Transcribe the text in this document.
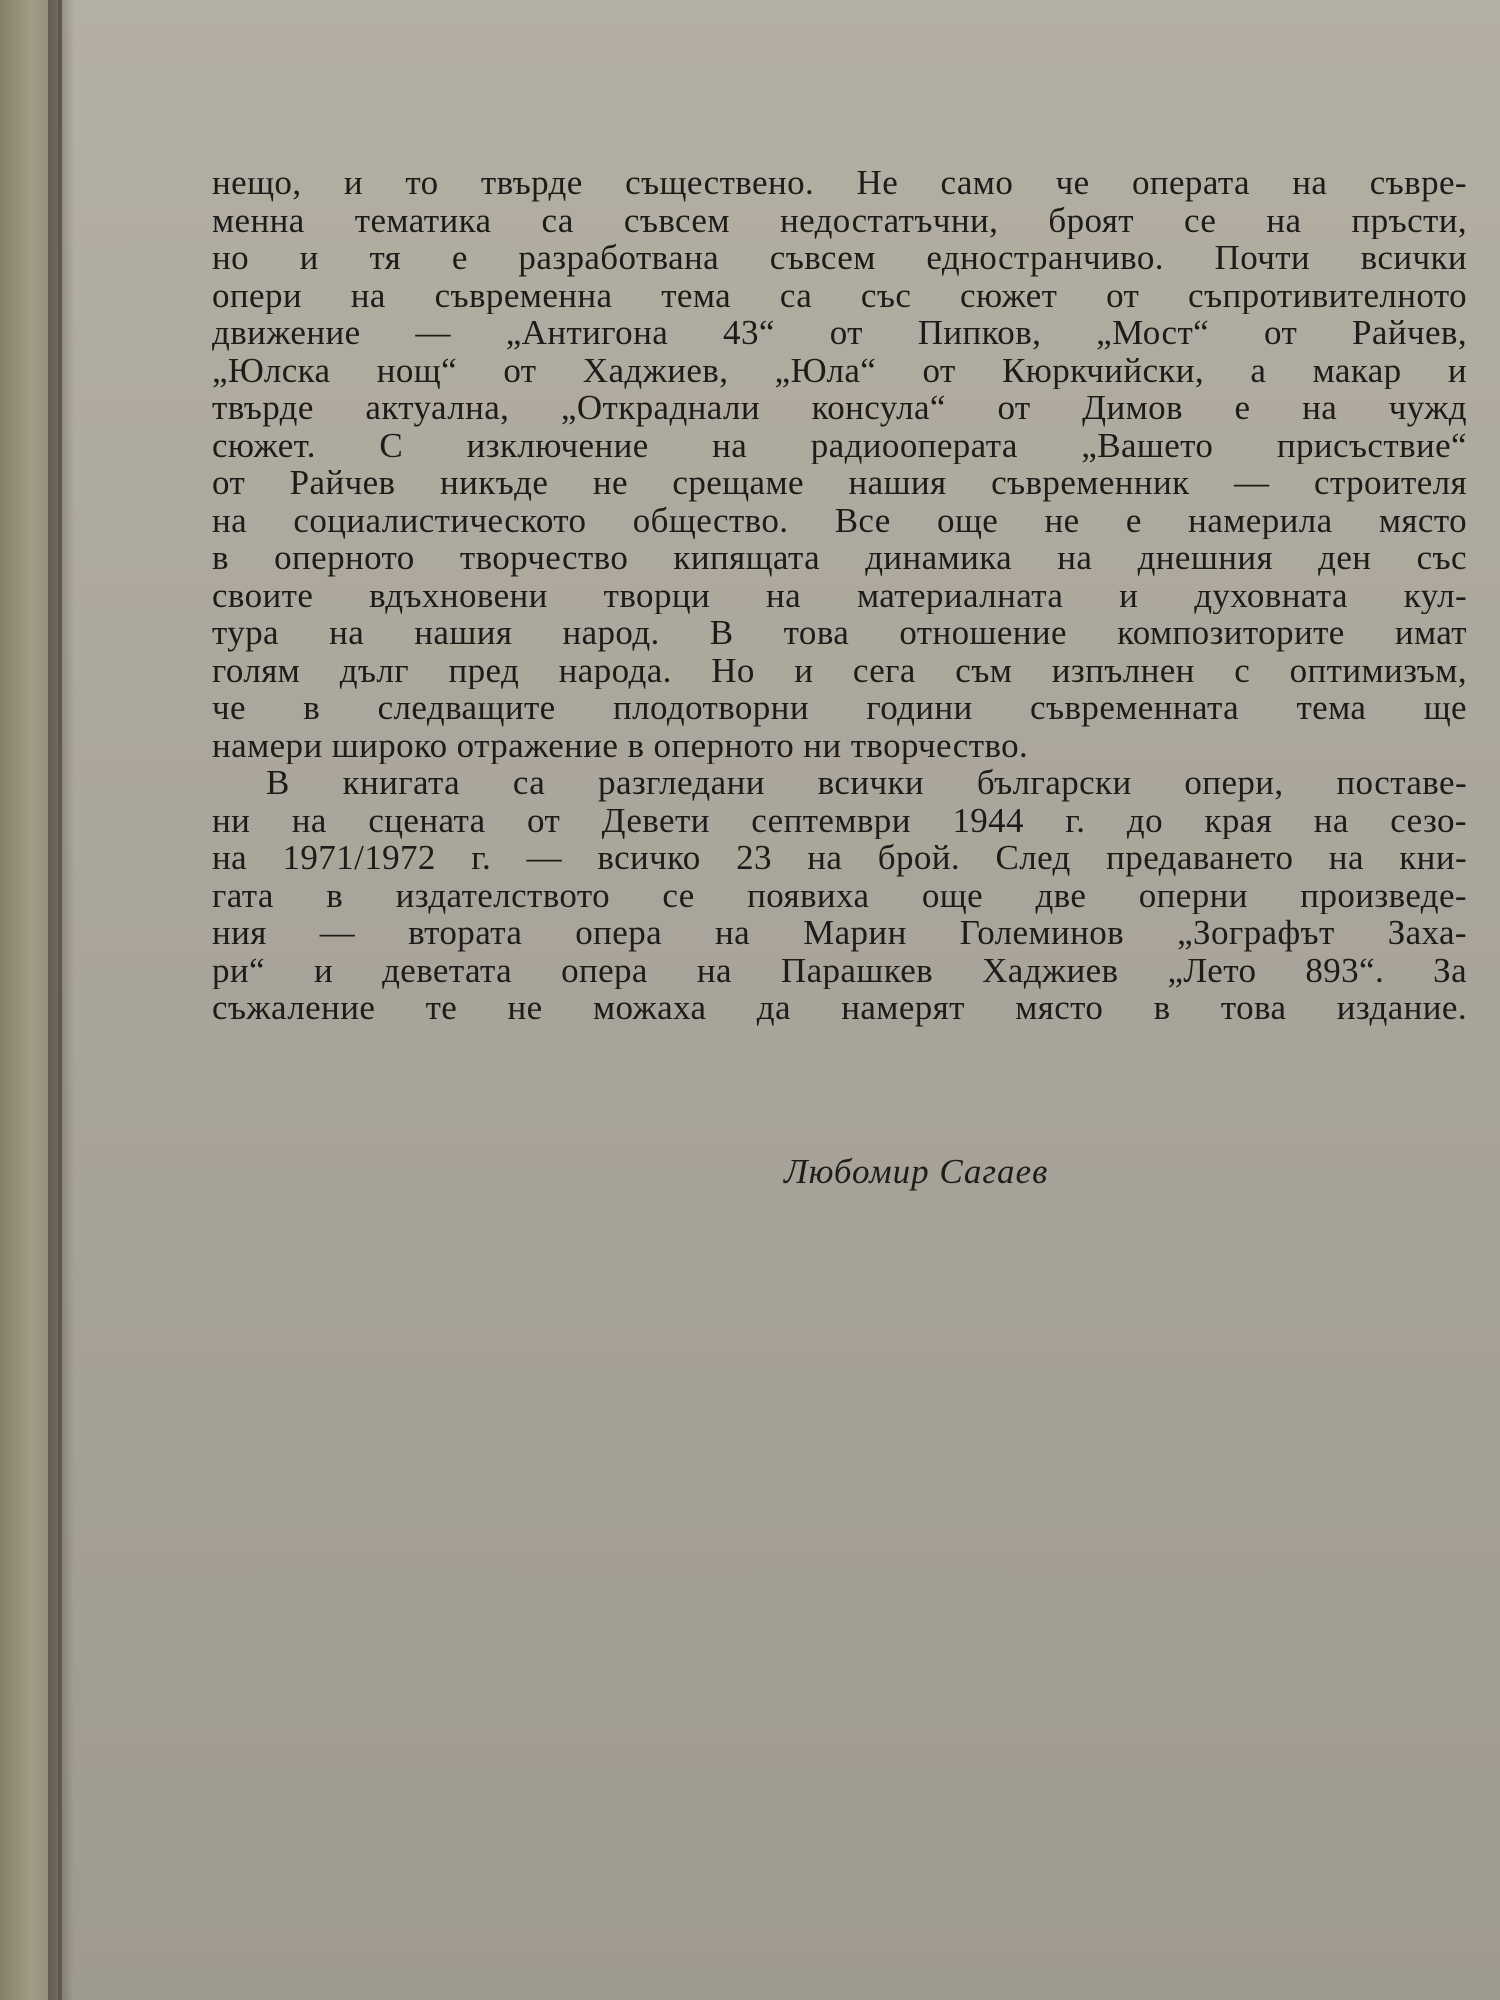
нещо, и то твърде съществено. Не само че операта на съвре-
менна тематика са съвсем недостатъчни, броят се на пръсти,
но и тя е разработвана съвсем едностранчиво. Почти всички
опери на съвременна тема са със сюжет от съпротивителното
движение — „Антигона 43“ от Пипков, „Мост“ от Райчев,
„Юлска нощ“ от Хаджиев, „Юла“ от Кюркчийски, а макар и
твърде актуална, „Откраднали консула“ от Димов е на чужд
сюжет. С изключение на радиооперата „Вашето присъствие“
от Райчев никъде не срещаме нашия съвременник — строителя
на социалистическото общество. Все още не е намерила място
в оперното творчество кипящата динамика на днешния ден със
своите вдъхновени творци на материалната и духовната кул-
тура на нашия народ. В това отношение композиторите имат
голям дълг пред народа. Но и сега съм изпълнен с оптимизъм,
че в следващите плодотворни години съвременната тема ще
намери широко отражение в оперното ни творчество.
В книгата са разгледани всички български опери, поставе-
ни на сцената от Девети септември 1944 г. до края на сезо-
на 1971/1972 г. — всичко 23 на брой. След предаването на кни-
гата в издателството се появиха още две оперни произведе-
ния — втората опера на Марин Големинов „Зографът Заха-
ри“ и деветата опера на Парашкев Хаджиев „Лето 893“. За
съжаление те не можаха да намерят място в това издание.
Любомир Сагаев
